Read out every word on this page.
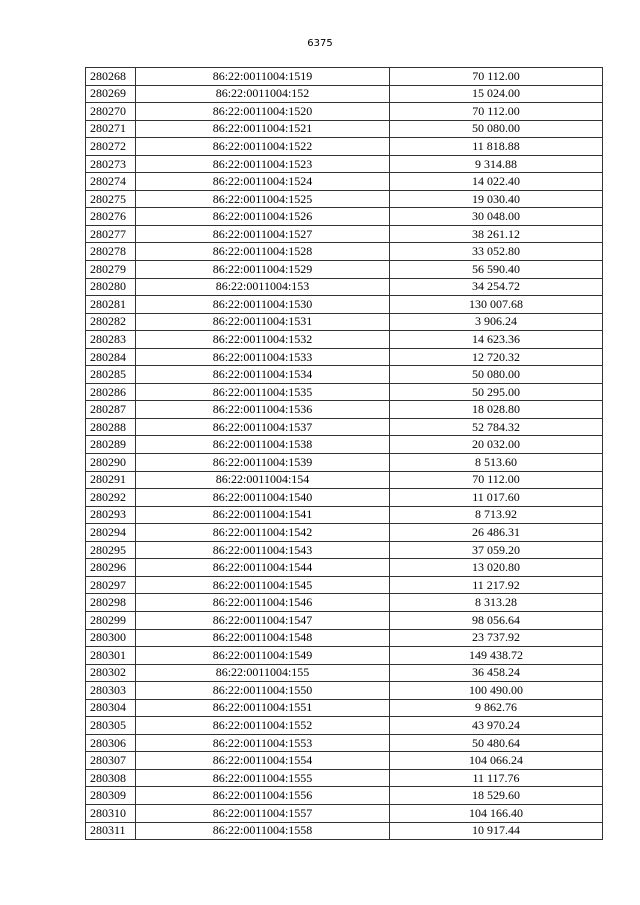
6375
280268	86:22:0011004:1519	70 112.00
280269	86:22:0011004:152	15 024.00
280270	86:22:0011004:1520	70 112.00
280271	86:22:0011004:1521	50 080.00
280272	86:22:0011004:1522	11 818.88
280273	86:22:0011004:1523	9 314.88
280274	86:22:0011004:1524	14 022.40
280275	86:22:0011004:1525	19 030.40
280276	86:22:0011004:1526	30 048.00
280277	86:22:0011004:1527	38 261.12
280278	86:22:0011004:1528	33 052.80
280279	86:22:0011004:1529	56 590.40
280280	86:22:0011004:153	34 254.72
280281	86:22:0011004:1530	130 007.68
280282	86:22:0011004:1531	3 906.24
280283	86:22:0011004:1532	14 623.36
280284	86:22:0011004:1533	12 720.32
280285	86:22:0011004:1534	50 080.00
280286	86:22:0011004:1535	50 295.00
280287	86:22:0011004:1536	18 028.80
280288	86:22:0011004:1537	52 784.32
280289	86:22:0011004:1538	20 032.00
280290	86:22:0011004:1539	8 513.60
280291	86:22:0011004:154	70 112.00
280292	86:22:0011004:1540	11 017.60
280293	86:22:0011004:1541	8 713.92
280294	86:22:0011004:1542	26 486.31
280295	86:22:0011004:1543	37 059.20
280296	86:22:0011004:1544	13 020.80
280297	86:22:0011004:1545	11 217.92
280298	86:22:0011004:1546	8 313.28
280299	86:22:0011004:1547	98 056.64
280300	86:22:0011004:1548	23 737.92
280301	86:22:0011004:1549	149 438.72
280302	86:22:0011004:155	36 458.24
280303	86:22:0011004:1550	100 490.00
280304	86:22:0011004:1551	9 862.76
280305	86:22:0011004:1552	43 970.24
280306	86:22:0011004:1553	50 480.64
280307	86:22:0011004:1554	104 066.24
280308	86:22:0011004:1555	11 117.76
280309	86:22:0011004:1556	18 529.60
280310	86:22:0011004:1557	104 166.40
280311	86:22:0011004:1558	10 917.44
